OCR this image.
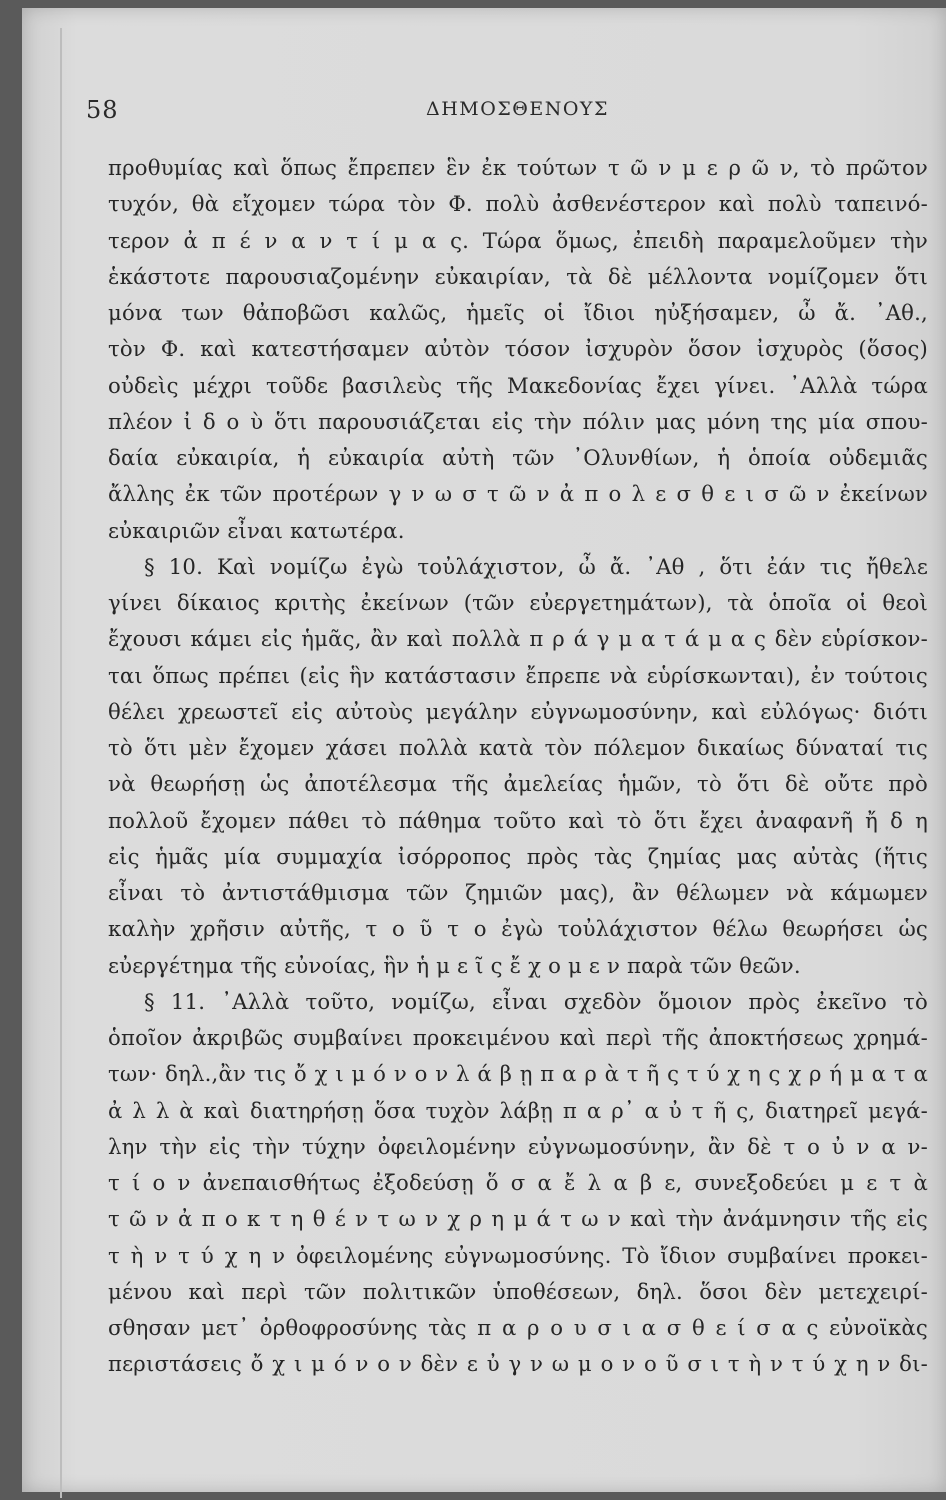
58	ΔΗΜΟΣΘΕΝΟΥΣ
προθυμίας καὶ ὅπως ἔπρεπεν ἓν ἐκ τούτων τ ῶ ν μ ε ρ ῶ ν, τὸ πρῶτον
τυχόν, θὰ εἴχομεν τώρα τὸν Φ. πολὺ ἀσθενέστερον καὶ πολὺ ταπεινό-
τερον ἀ π έ ν α ν τ ί μ α ς. Τώρα ὅμως, ἐπειδὴ παραμελοῦμεν τὴν
ἑκάστοτε παρουσιαζομένην εὐκαιρίαν, τὰ δὲ μέλλοντα νομίζομεν ὅτι
μόνα των θἀποβῶσι καλῶς, ἡμεῖς οἱ ἴδιοι ηὐξήσαμεν, ὦ ἄ. ᾿Αθ.,
τὸν Φ. καὶ κατεστήσαμεν αὐτὸν τόσον ἰσχυρὸν ὅσον ἰσχυρὸς (ὅσος)
οὐδεὶς μέχρι τοῦδε βασιλεὺς τῆς Μακεδονίας ἔχει γίνει. ᾿Αλλὰ τώρα
πλέον ἰ δ ο ὺ ὅτι παρουσιάζεται εἰς τὴν πόλιν μας μόνη της μία σπου-
δαία εὐκαιρία, ἡ εὐκαιρία αὐτὴ τῶν ᾿Ολυνθίων, ἡ ὁποία οὐδεμιᾶς
ἄλλης ἐκ τῶν προτέρων γ ν ω σ τ ῶ ν ἀ π ο λ ε σ θ ε ι σ ῶ ν ἐκείνων
εὐκαιριῶν εἶναι κατωτέρα.
§ 10. Καὶ νομίζω ἐγὼ τοὐλάχιστον, ὦ ἄ. ᾿Αθ , ὅτι ἐάν τις ἤθελε
γίνει δίκαιος κριτὴς ἐκείνων (τῶν εὐεργετημάτων), τὰ ὁποῖα οἱ θεοὶ
ἔχουσι κάμει εἰς ἡμᾶς, ἂν καὶ πολλὰ π ρ ά γ μ α τ ά μ α ς δὲν εὑρίσκον-
ται ὅπως πρέπει (εἰς ἣν κατάστασιν ἔπρεπε νὰ εὑρίσκωνται), ἐν τούτοις
θέλει χρεωστεῖ εἰς αὐτοὺς μεγάλην εὐγνωμοσύνην, καὶ εὐλόγως· διότι
τὸ ὅτι μὲν ἔχομεν χάσει πολλὰ κατὰ τὸν πόλεμον δικαίως δύναταί τις
νὰ θεωρήσῃ ὡς ἀποτέλεσμα τῆς ἀμελείας ἡμῶν, τὸ ὅτι δὲ οὔτε πρὸ
πολλοῦ ἔχομεν πάθει τὸ πάθημα τοῦτο καὶ τὸ ὅτι ἔχει ἀναφανῆ ἤ δ η
εἰς ἡμᾶς μία συμμαχία ἰσόρροπος πρὸς τὰς ζημίας μας αὐτὰς (ἥτις
εἶναι τὸ ἀντιστάθμισμα τῶν ζημιῶν μας), ἂν θέλωμεν νὰ κάμωμεν
καλὴν χρῆσιν αὐτῆς, τ ο ῦ τ ο ἐγὼ τοὐλάχιστον θέλω θεωρήσει ὡς
εὐεργέτημα τῆς εὐνοίας, ἣν ἡ μ ε ῖ ς ἔ χ ο μ ε ν παρὰ τῶν θεῶν.
§ 11. ᾿Αλλὰ τοῦτο, νομίζω, εἶναι σχεδὸν ὅμοιον πρὸς ἐκεῖνο τὸ
ὁποῖον ἀκριβῶς συμβαίνει προκειμένου καὶ περὶ τῆς ἀποκτήσεως χρημά-
των· δηλ.,ἂν τις ὄ χ ι μ ό ν ο ν λ ά β ῃ π α ρ ὰ τ ῆ ς τ ύ χ η ς χ ρ ή μ α τ α
ἀ λ λ ὰ καὶ διατηρήσῃ ὅσα τυχὸν λάβῃ π α ρ᾿ α ὐ τ ῆ ς, διατηρεῖ μεγά-
λην τὴν εἰς τὴν τύχην ὀφειλομένην εὐγνωμοσύνην, ἂν δὲ τ ο ὐ ν α ν-
τ ί ο ν ἀνεπαισθήτως ἐξοδεύσῃ ὅ σ α ἔ λ α β ε, συνεξοδεύει μ ε τ ὰ
τ ῶ ν ἀ π ο κ τ η θ έ ν τ ω ν χ ρ η μ ά τ ω ν καὶ τὴν ἀνάμνησιν τῆς εἰς
τ ὴ ν τ ύ χ η ν ὀφειλομένης εὐγνωμοσύνης. Τὸ ἴδιον συμβαίνει προκει-
μένου καὶ περὶ τῶν πολιτικῶν ὑποθέσεων, δηλ. ὅσοι δὲν μετεχειρί-
σθησαν μετ᾿ ὀρθοφροσύνης τὰς π α ρ ο υ σ ι α σ θ ε ί σ α ς εὐνοϊκὰς
περιστάσεις ὄ χ ι μ ό ν ο ν δὲν ε ὐ γ ν ω μ ο ν ο ῦ σ ι τ ὴ ν τ ύ χ η ν δι-
